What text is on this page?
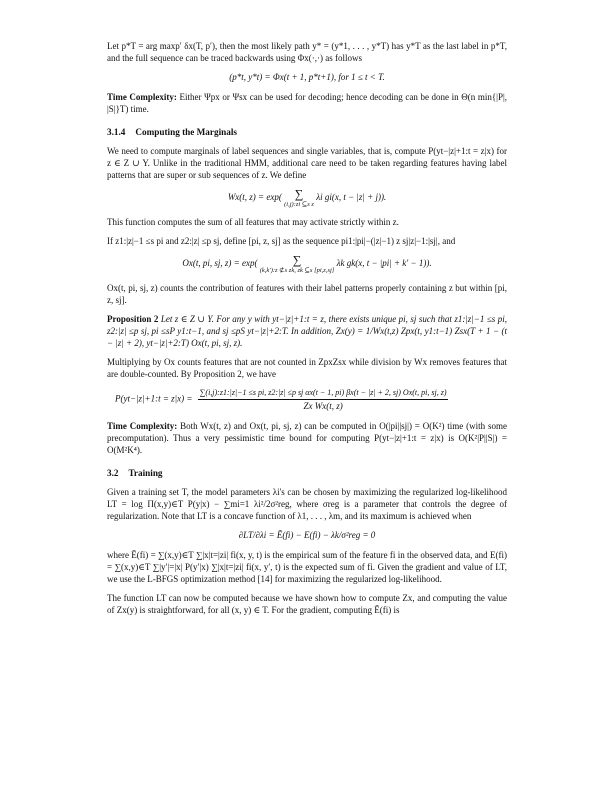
Let p*T = arg maxp′ δx(T, p′), then the most likely path y* = (y*1, . . . , y*T) has y*T as the last label in p*T, and the full sequence can be traced backwards using Φx(·,·) as follows

(p*t, y*t) = Φx(t + 1, p*t+1), for 1 ≤ t < T.

Time Complexity: Either Ψpx or Ψsx can be used for decoding; hence decoding can be done in Θ(n min{|P|, |S|}T) time.

3.1.4 Computing the Marginals

We need to compute marginals of label sequences and single variables, that is, compute P(yt−|z|+1:t = z|x) for z ∈ Z ∪ Y. Unlike in the traditional HMM, additional care need to be taken regarding features having label patterns that are super or sub sequences of z. We define

Wx(t, z) = exp( ∑
(i,j):zi ⊆s z
λi gi(x, t − |z| + j)).

This function computes the sum of all features that may activate strictly within z.

If z1:|z|−1 ≤s pi and z2:|z| ≤p sj, define [pi, z, sj] as the sequence pi1:|pi|−(|z|−1) z sj|z|−1:|sj|, and

Ox(t, pi, sj, z) = exp(	∑
(k,k′):z ⊄s zk, zk ⊆s [pi,z,sj]
λk gk(x, t − |pi| + k′ − 1)).

Ox(t, pi, sj, z) counts the contribution of features with their label patterns properly containing z but within [pi, z, sj].

Proposition 2 Let z ∈ Z ∪ Y. For any y with yt−|z|+1:t = z, there exists unique pi, sj such that z1:|z|−1 ≤s pi, z2:|z| ≤p sj, pi ≤sP y1:t−1, and sj ≤pS yt−|z|+2:T. In addition, Zx(y) = 1/Wx(t,z) Zpx(t, y1:t−1) Zsx(T + 1 − (t − |z| + 2), yt−|z|+2:T) Ox(t, pi, sj, z).

Multiplying by Ox counts features that are not counted in ZpxZsx while division by Wx removes features that are double-counted. By Proposition 2, we have

P(yt−|z|+1:t = z|x) =
∑(i,j):z1:|z|−1 ≤s pi, z2:|z| ≤p sj αx(t − 1, pi) βx(t − |z| + 2, sj) Ox(t, pi, sj, z)
Zx Wx(t, z)

Time Complexity: Both Wx(t, z) and Ox(t, pi, sj, z) can be computed in O(|pi||sj|) = O(K²) time (with some precomputation). Thus a very pessimistic time bound for computing P(yt−|z|+1:t = z|x) is O(K²|P||S|) = O(M²K⁴).

3.2 Training

Given a training set T, the model parameters λi's can be chosen by maximizing the regularized log-likelihood LT = log Π(x,y)∈T P(y|x) − ∑mi=1 λi²/2σ²reg, where σreg is a parameter that controls the degree of regularization. Note that LT is a concave function of λ1, . . . , λm, and its maximum is achieved when

∂LT/∂λi = Ẽ(fi) − E(fi) − λk/σ²reg = 0

where Ẽ(fi) = ∑(x,y)∈T ∑|x|t=|zi| fi(x, y, t) is the empirical sum of the feature fi in the observed data, and E(fi) = ∑(x,y)∈T ∑|y′|=|x| P(y′|x) ∑|x|t=|zi| fi(x, y′, t) is the expected sum of fi. Given the gradient and value of LT, we use the L-BFGS optimization method [14] for maximizing the regularized log-likelihood.

The function LT can now be computed because we have shown how to compute Zx, and computing the value of Zx(y) is straightforward, for all (x, y) ∈ T. For the gradient, computing Ẽ(fi) is
